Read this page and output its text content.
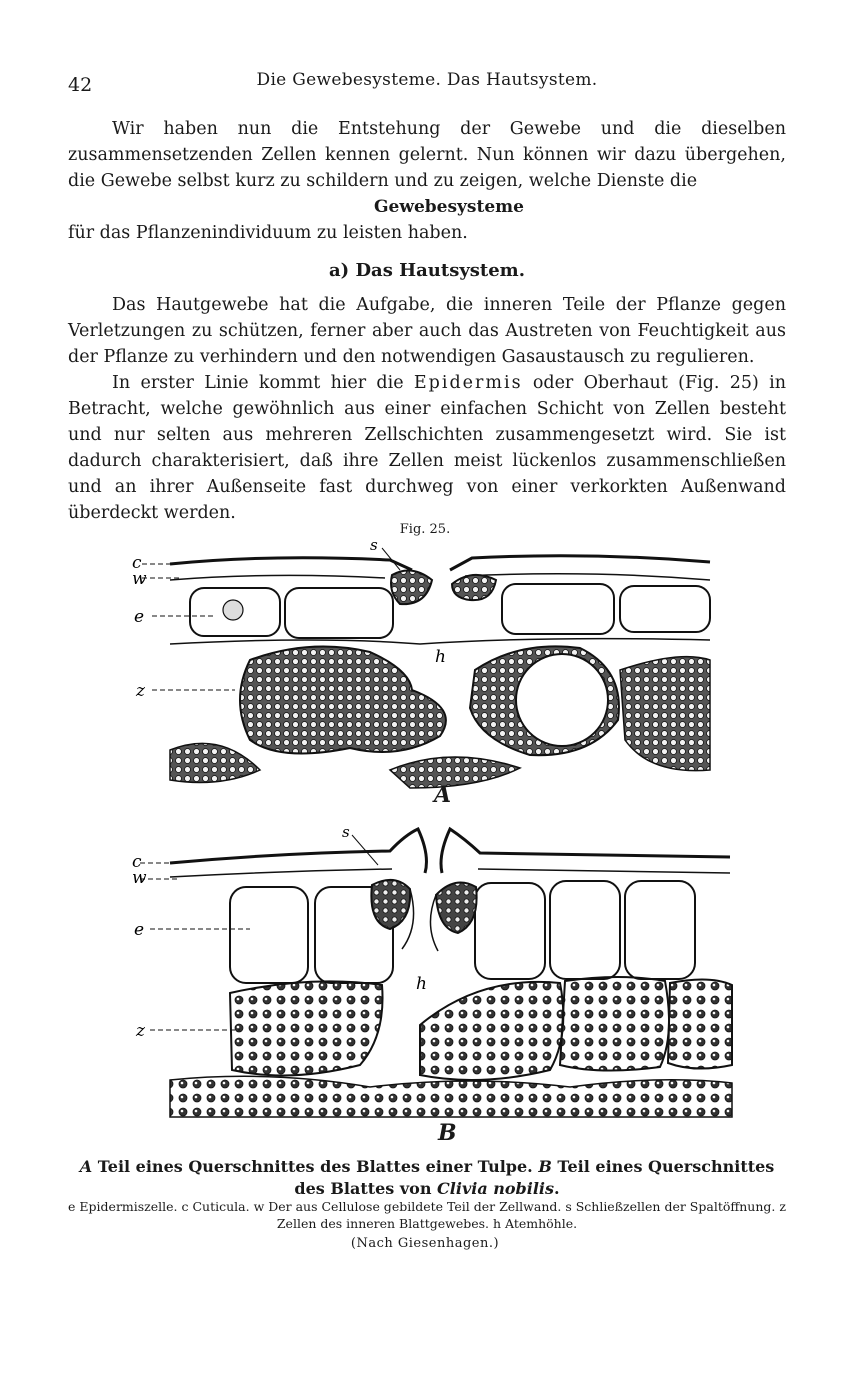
42	Die Gewebesysteme. Das Hautsystem.

Wir haben nun die Entstehung der Gewebe und die dieselben zusammensetzenden Zellen kennen gelernt. Nun können wir dazu übergehen, die Gewebe selbst kurz zu schildern und zu zeigen, welche Dienste die

Gewebesysteme

für das Pflanzenindividuum zu leisten haben.

a) Das Hautsystem.

Das Hautgewebe hat die Aufgabe, die inneren Teile der Pflanze gegen Verletzungen zu schützen, ferner aber auch das Austreten von Feuchtigkeit aus der Pflanze zu verhindern und den notwendigen Gasaustausch zu regulieren.

In erster Linie kommt hier die Epidermis oder Oberhaut (Fig. 25) in Betracht, welche gewöhnlich aus einer einfachen Schicht von Zellen besteht und nur selten aus mehreren Zellschichten zusammengesetzt wird. Sie ist dadurch charakterisiert, daß ihre Zellen meist lückenlos zusammenschließen und an ihrer Außenseite fast durchweg von einer verkorkten Außenwand überdeckt werden.

Fig. 25.
c
w
e
z
s
h
A
c
w
e
z
s
h
B
A Teil eines Querschnittes des Blattes einer Tulpe. B Teil eines Querschnittes des Blattes von Clivia nobilis.
e Epidermiszelle. c Cuticula. w Der aus Cellulose gebildete Teil der Zellwand. s Schließzellen der Spaltöffnung. z Zellen des inneren Blattgewebes. h Atemhöhle.
(Nach Giesenhagen.)
